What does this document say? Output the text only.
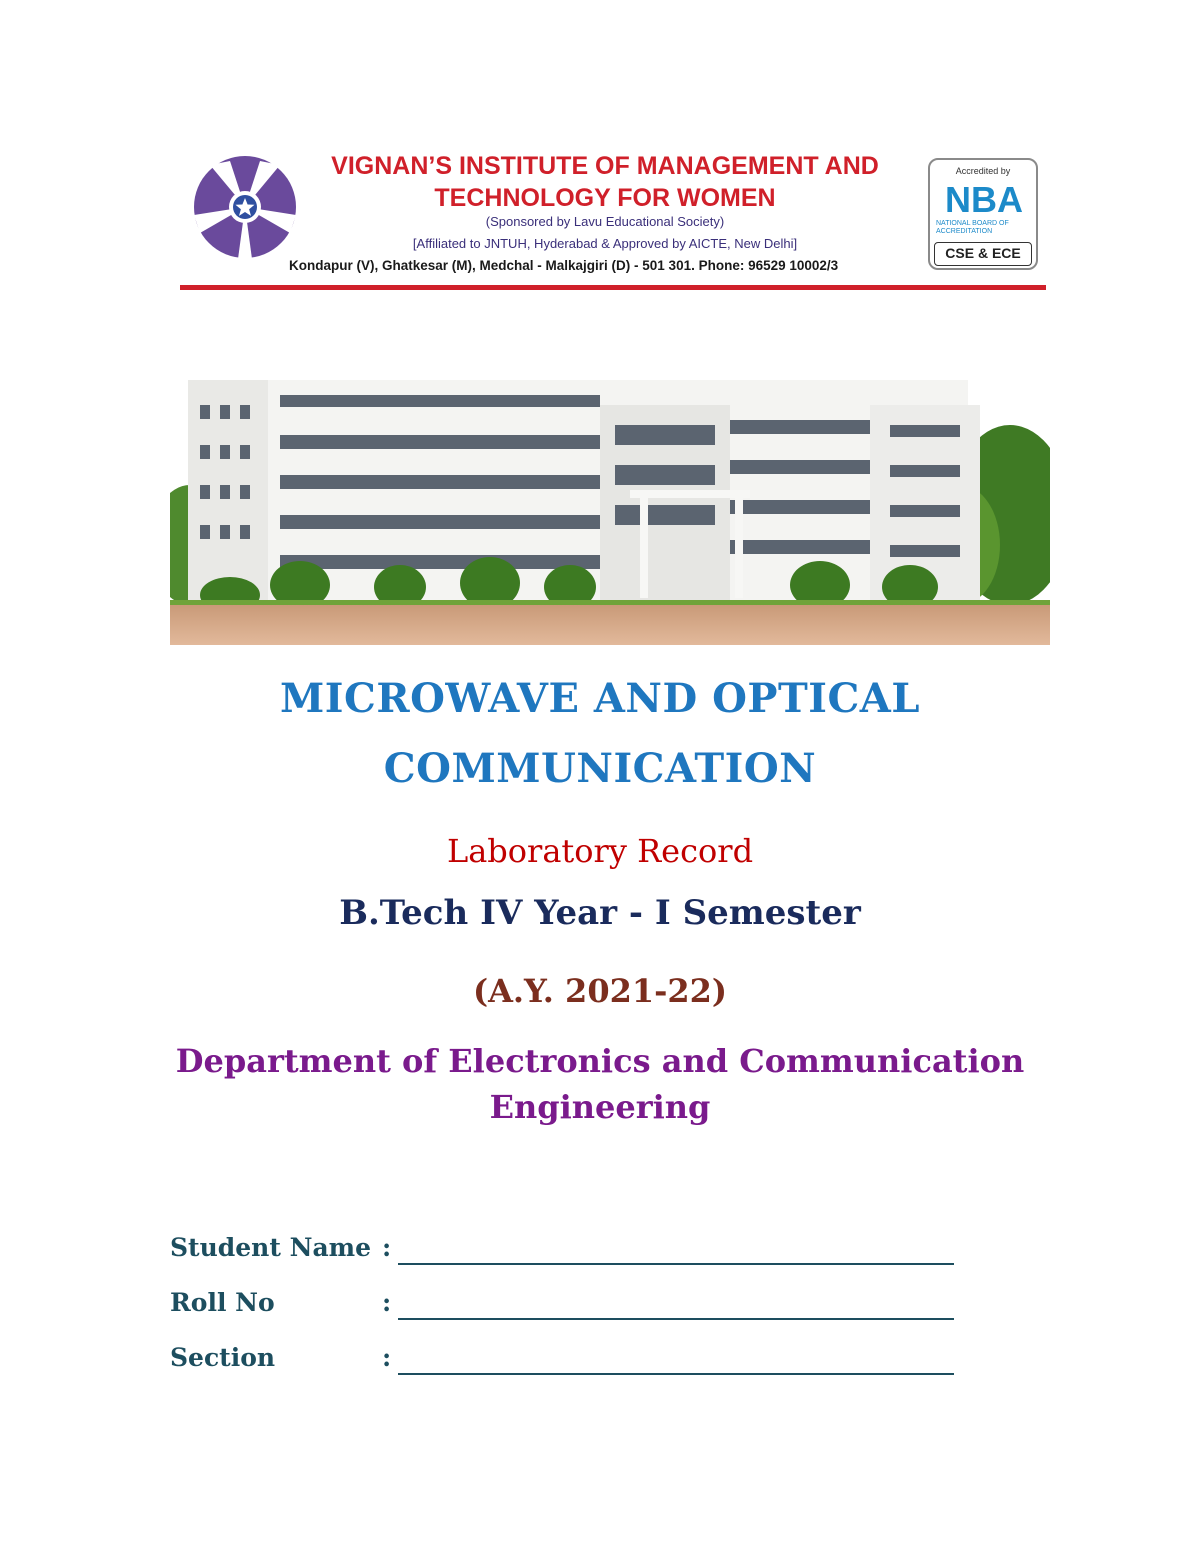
VIGNAN’S INSTITUTE OF MANAGEMENT AND
TECHNOLOGY FOR WOMEN
(Sponsored by Lavu Educational Society)
[Affiliated to JNTUH, Hyderabad & Approved by AICTE, New Delhi]
Kondapur (V), Ghatkesar (M), Medchal - Malkajgiri (D) - 501 301. Phone: 96529 10002/3
Accredited by
NBA
NATIONAL BOARD OF ACCREDITATION
CSE & ECE
MICROWAVE AND OPTICAL
COMMUNICATION
Laboratory Record
B.Tech IV Year - I Semester
(A.Y. 2021-22)
Department of Electronics and Communication
Engineering
Student Name :
Roll No	:
Section	:
